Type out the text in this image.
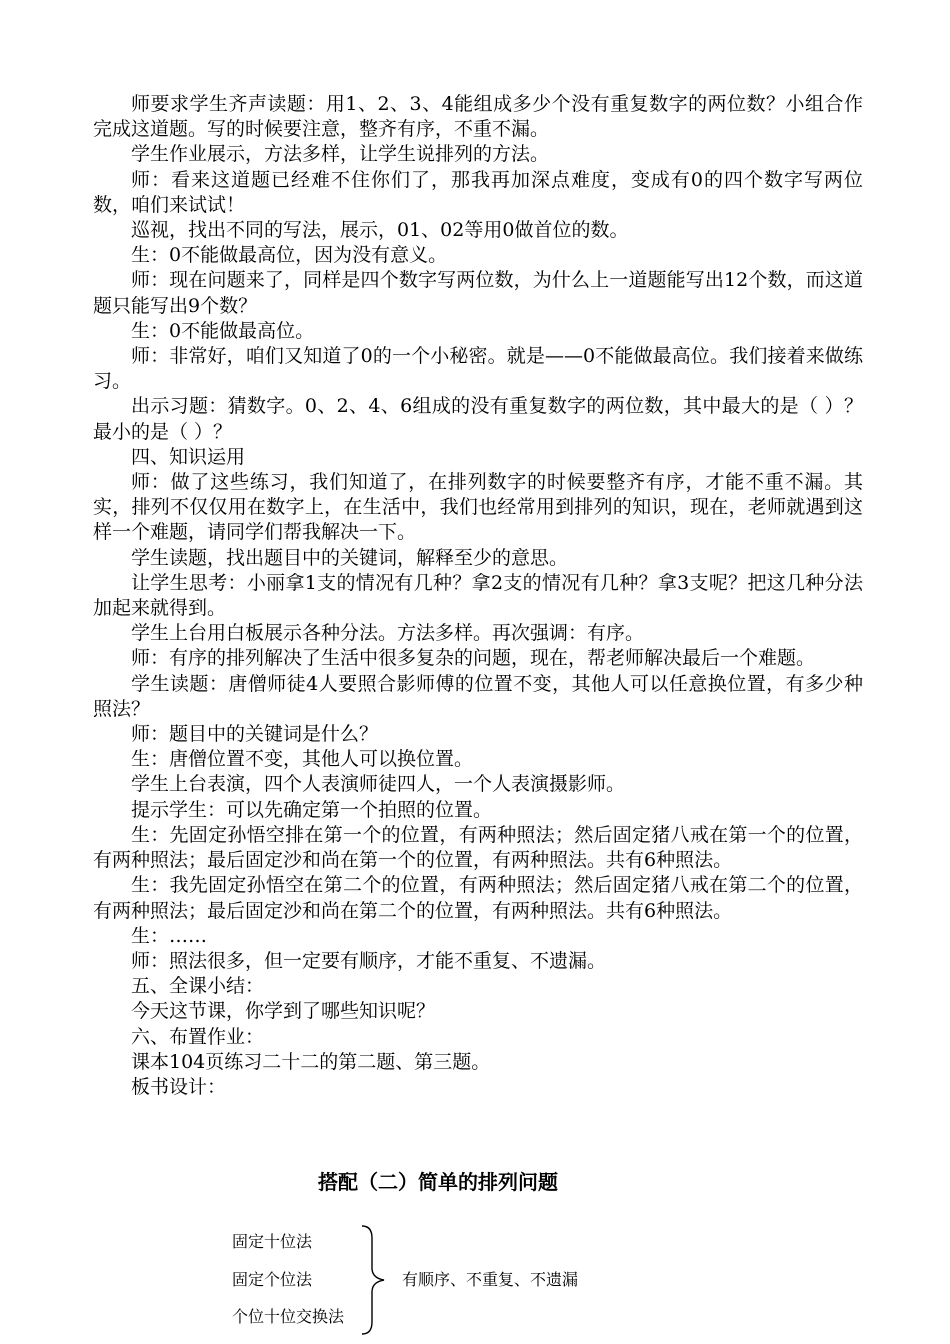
师要求学生齐声读题：用1、2、3、4能组成多少个没有重复数字的两位数？小组合作完成这道题。写的时候要注意，整齐有序，不重不漏。

学生作业展示，方法多样，让学生说排列的方法。

师：看来这道题已经难不住你们了，那我再加深点难度，变成有0的四个数字写两位数，咱们来试试！

巡视，找出不同的写法，展示，01、02等用0做首位的数。

生：0不能做最高位，因为没有意义。

师：现在问题来了，同样是四个数字写两位数，为什么上一道题能写出12个数，而这道题只能写出9个数？

生：0不能做最高位。

师：非常好，咱们又知道了0的一个小秘密。就是——0不能做最高位。我们接着来做练习。

出示习题：猜数字。0、2、4、6组成的没有重复数字的两位数，其中最大的是（ ）？最小的是（ ）？

四、知识运用

师：做了这些练习，我们知道了，在排列数字的时候要整齐有序，才能不重不漏。其实，排列不仅仅用在数字上，在生活中，我们也经常用到排列的知识，现在，老师就遇到这样一个难题，请同学们帮我解决一下。

学生读题，找出题目中的关键词，解释至少的意思。

让学生思考：小丽拿1支的情况有几种？拿2支的情况有几种？拿3支呢？把这几种分法加起来就得到。

学生上台用白板展示各种分法。方法多样。再次强调：有序。

师：有序的排列解决了生活中很多复杂的问题，现在，帮老师解决最后一个难题。

学生读题：唐僧师徒4人要照合影师傅的位置不变，其他人可以任意换位置，有多少种照法？

师：题目中的关键词是什么？

生：唐僧位置不变，其他人可以换位置。

学生上台表演，四个人表演师徒四人，一个人表演摄影师。

提示学生：可以先确定第一个拍照的位置。

生：先固定孙悟空排在第一个的位置，有两种照法；然后固定猪八戒在第一个的位置，有两种照法；最后固定沙和尚在第一个的位置，有两种照法。共有6种照法。

生：我先固定孙悟空在第二个的位置，有两种照法；然后固定猪八戒在第二个的位置，有两种照法；最后固定沙和尚在第二个的位置，有两种照法。共有6种照法。

生：……

师：照法很多，但一定要有顺序，才能不重复、不遗漏。

五、全课小结：

今天这节课，你学到了哪些知识呢？

六、布置作业：

课本104页练习二十二的第二题、第三题。

板书设计：

搭配（二）简单的排列问题
固定十位法
固定个位法
个位十位交换法
有顺序、不重复、不遗漏
